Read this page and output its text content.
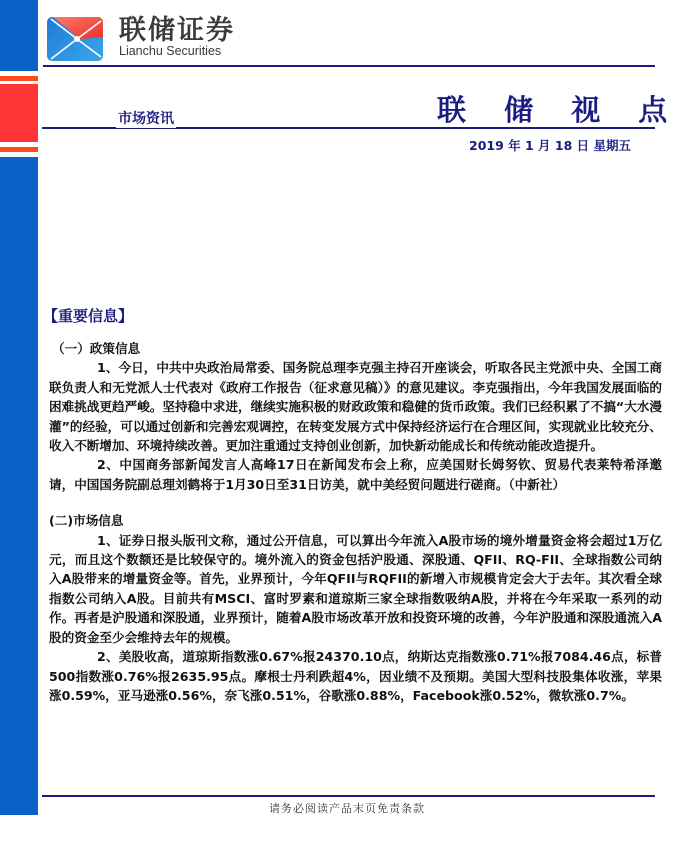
联储证券
Lianchu Securities
市场资讯	联 储 视 点
2019 年 1 月 18 日 星期五
【重要信息】
（一）政策信息

1、今日，中共中央政治局常委、国务院总理李克强主持召开座谈会，听取各民主党派中央、全国工商联负责人和无党派人士代表对《政府工作报告（征求意见稿）》的意见建议。李克强指出，今年我国发展面临的困难挑战更趋严峻。坚持稳中求进，继续实施积极的财政政策和稳健的货币政策。我们已经积累了不搞“大水漫灌”的经验，可以通过创新和完善宏观调控，在转变发展方式中保持经济运行在合理区间，实现就业比较充分、收入不断增加、环境持续改善。更加注重通过支持创业创新，加快新动能成长和传统动能改造提升。

2、中国商务部新闻发言人高峰17日在新闻发布会上称，应美国财长姆努钦、贸易代表莱特希泽邀请，中国国务院副总理刘鹤将于1月30日至31日访美，就中美经贸问题进行磋商。（中新社）

(二)市场信息

1、证券日报头版刊文称，通过公开信息，可以算出今年流入A股市场的境外增量资金将会超过1万亿元，而且这个数额还是比较保守的。境外流入的资金包括沪股通、深股通、QFII、RQ-FII、全球指数公司纳入A股带来的增量资金等。首先，业界预计，今年QFII与RQFII的新增入市规模肯定会大于去年。其次看全球指数公司纳入A股。目前共有MSCI、富时罗素和道琼斯三家全球指数吸纳A股，并将在今年采取一系列的动作。再者是沪股通和深股通，业界预计，随着A股市场改革开放和投资环境的改善，今年沪股通和深股通流入A股的资金至少会维持去年的规模。

2、美股收高，道琼斯指数涨0.67%报24370.10点，纳斯达克指数涨0.71%报7084.46点，标普500指数涨0.76%报2635.95点。摩根士丹利跌超4%，因业绩不及预期。美国大型科技股集体收涨，苹果涨0.59%，亚马逊涨0.56%，奈飞涨0.51%，谷歌涨0.88%，Facebook涨0.52%，微软涨0.7%。

请务必阅读产品末页免责条款
